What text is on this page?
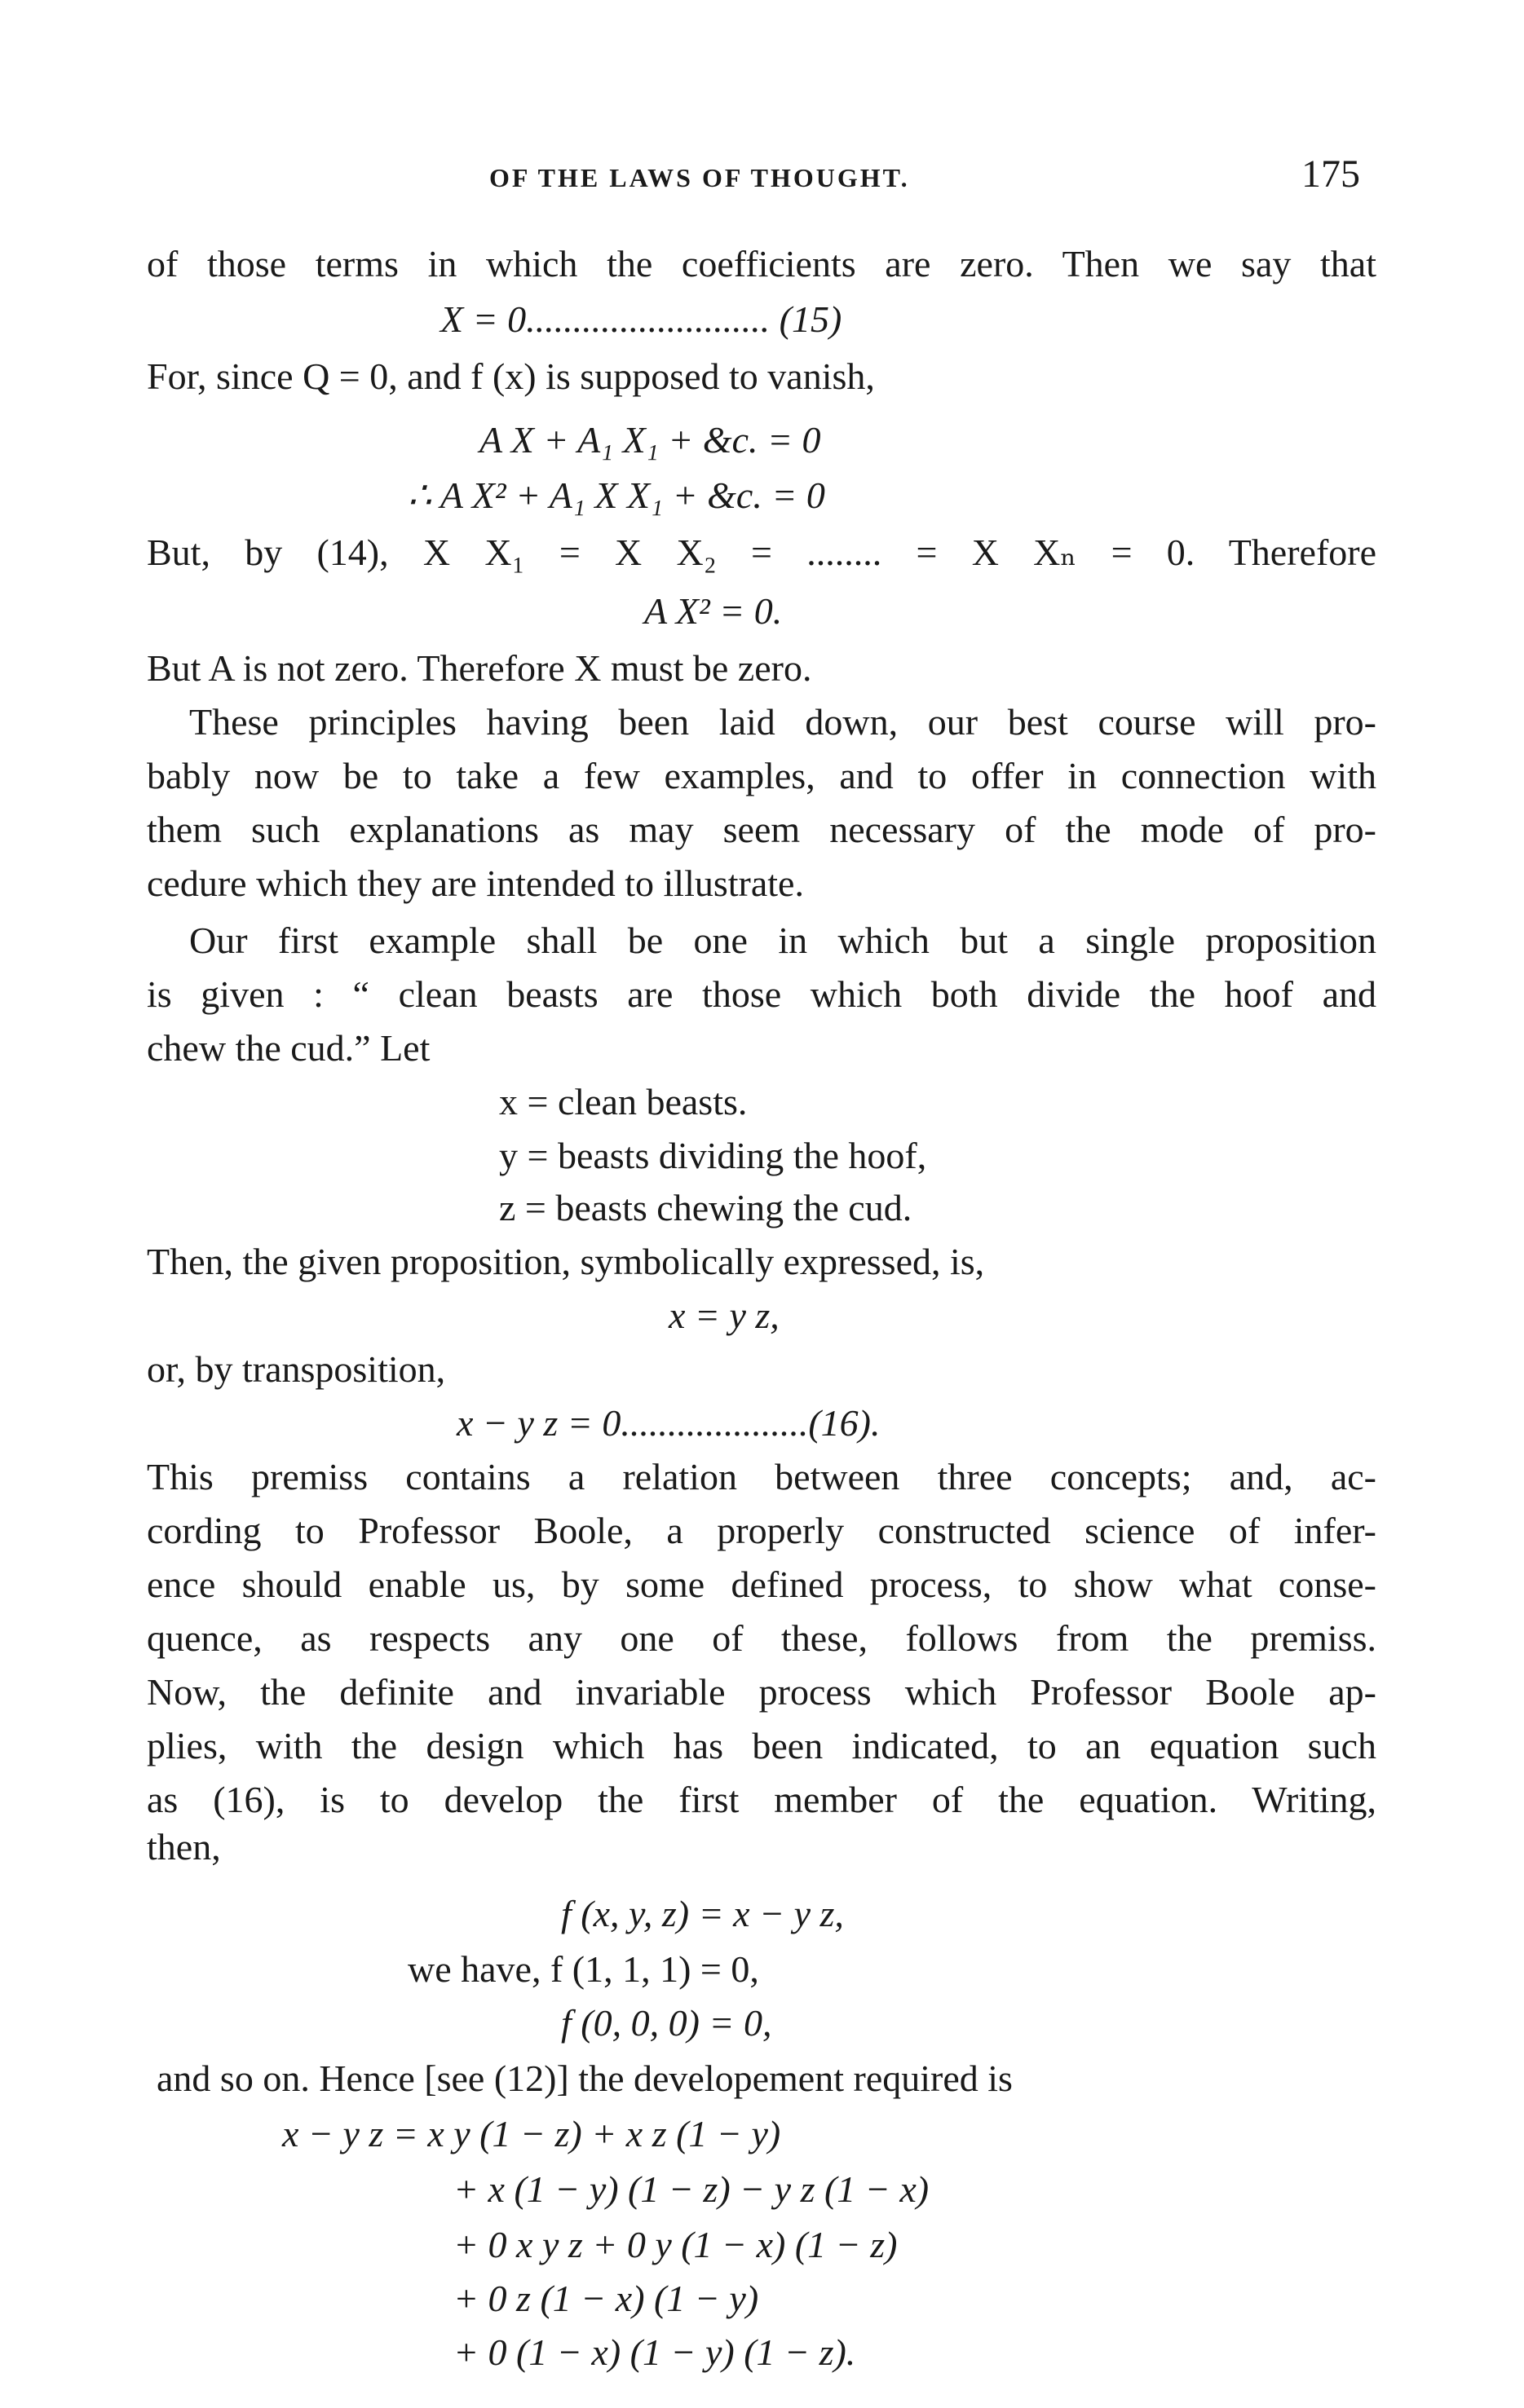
OF THE LAWS OF THOUGHT.	175
of those terms in which the coefficients are zero. Then we say that
X = 0.......................... (15)
For, since Q = 0, and f (x) is supposed to vanish,
A X + A₁ X₁ + &c. = 0
∴ A X² + A₁ X X₁ + &c. = 0
But, by (14), X X₁ = X X₂ = ........ = X Xₙ = 0. Therefore
A X² = 0.
But A is not zero. Therefore X must be zero.
These principles having been laid down, our best course will pro-
bably now be to take a few examples, and to offer in connection with
them such explanations as may seem necessary of the mode of pro-
cedure which they are intended to illustrate.
Our first example shall be one in which but a single proposition
is given : “ clean beasts are those which both divide the hoof and
chew the cud.” Let
x = clean beasts.
y = beasts dividing the hoof,
z = beasts chewing the cud.
Then, the given proposition, symbolically expressed, is,
x = y z,
or, by transposition,
x − y z = 0....................(16).
This premiss contains a relation between three concepts; and, ac-
cording to Professor Boole, a properly constructed science of infer-
ence should enable us, by some defined process, to show what conse-
quence, as respects any one of these, follows from the premiss.
Now, the definite and invariable process which Professor Boole ap-
plies, with the design which has been indicated, to an equation such
as (16), is to develop the first member of the equation. Writing,
then,
f (x, y, z) = x − y z,
we have, f (1, 1, 1) = 0,
f (0, 0, 0) = 0,
and so on. Hence [see (12)] the developement required is
x − y z = x y (1 − z) + x z (1 − y)
+ x (1 − y) (1 − z) − y z (1 − x)
+ 0 x y z + 0 y (1 − x) (1 − z)
+ 0 z (1 − x) (1 − y)
+ 0 (1 − x) (1 − y) (1 − z).
